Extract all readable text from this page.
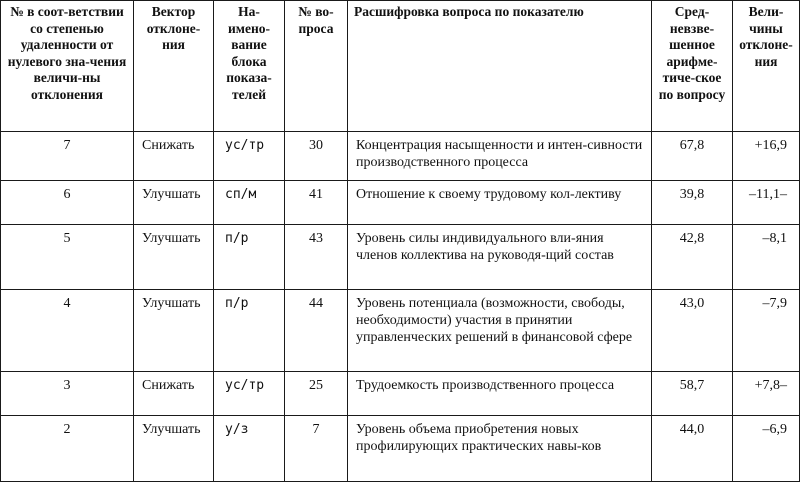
№ в соот-ветствии со степенью удаленности от нулевого зна-чения величи-ны отклонения	Вектор отклоне-ния	На-имено-вание блока показа-телей	№ во-проса	Расшифровка вопроса по показателю	Сред-невзве-шенное арифме-тиче-ское по вопросу	Вели-чины отклоне-ния
7	Снижать	ус/тр	30	Концентрация насыщенности и интен-сивности производственного процесса	67,8	+16,9
6	Улучшать	сп/м	41	Отношение к своему трудовому кол-лективу	39,8	–11,1–
5	Улучшать	п/р	43	Уровень силы индивидуального вли-яния членов коллектива на руководя-щий состав	42,8	–8,1
4	Улучшать	п/р	44	Уровень потенциала (возможности, свободы, необходимости) участия в принятии управленческих решений в финансовой сфере	43,0	–7,9
3	Снижать	ус/тр	25	Трудоемкость производственного процесса	58,7	+7,8–
2	Улучшать	у/з	7	Уровень объема приобретения новых профилирующих практических навы-ков	44,0	–6,9
